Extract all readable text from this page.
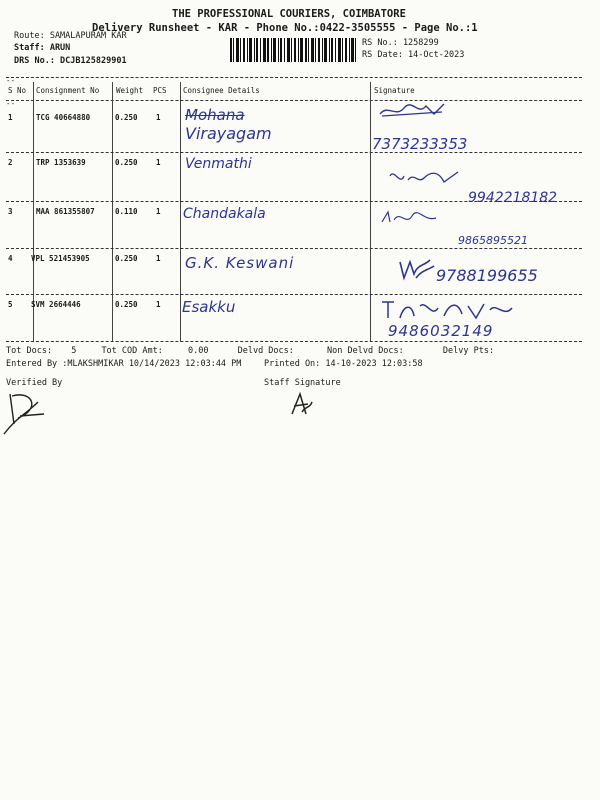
THE PROFESSIONAL COURIERS, COIMBATORE
Delivery Runsheet - KAR - Phone No.:0422-3505555 - Page No.:1
Route: SAMALAPURAM KAR
Staff: ARUN
DRS No.: DCJB125829901
RS No.: 1258299
RS Date: 14-Oct-2023
--
S No Consignment No Weight PCS Consignee Details	Signature
--
1	TCG 40664880	0.250 1 Mohana
Virayagam
7373233353
2	TRP 1353639	0.250 1 Venmathi
9942218182
3	MAA 861355807	0.110 1 Chandakala
9865895521
4 VPL 521453905	0.250 1 G.K. Keswani
9788199655
5 SVM 2664446	0.250 1 Esakku
9486032149
Tot Docs: 5	Tot COD Amt:	0.00	Delvd Docs:	Non Delvd Docs:	Delvy Pts:
Entered By :MLAKSHMIKAR 10/14/2023 12:03:44 PM	Printed On: 14-10-2023 12:03:58
Verified By	Staff Signature
